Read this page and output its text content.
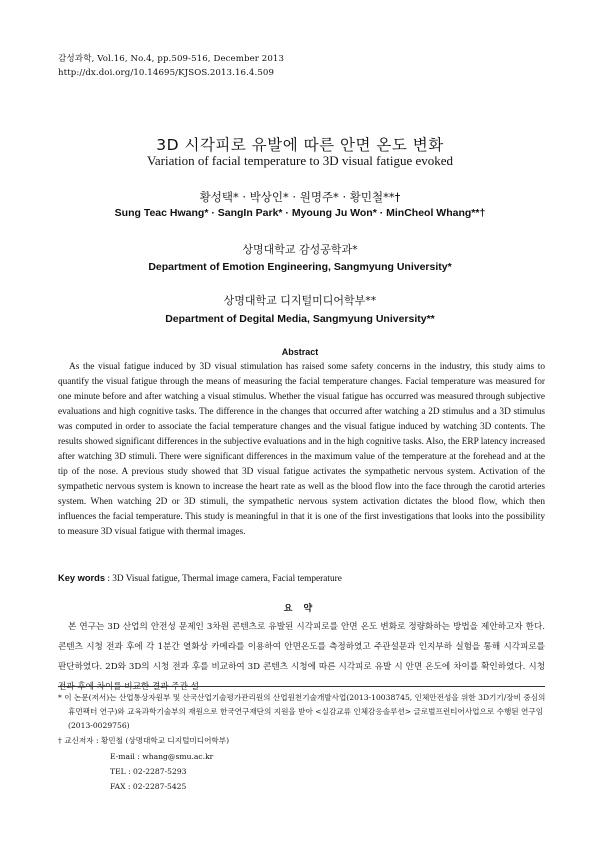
감성과학, Vol.16, No.4, pp.509-516, December 2013
http://dx.doi.org/10.14695/KJSOS.2013.16.4.509
3D 시각피로 유발에 따른 안면 온도 변화
Variation of facial temperature to 3D visual fatigue evoked
황성택* · 박상인* · 원명주* · 황민철**†
Sung Teac Hwang* · SangIn Park* · Myoung Ju Won* · MinCheol Whang**†
상명대학교 감성공학과*
Department of Emotion Engineering, Sangmyung University*
상명대학교 디지털미디어학부**
Department of Degital Media, Sangmyung University**
Abstract

As the visual fatigue induced by 3D visual stimulation has raised some safety concerns in the industry, this study aims to quantify the visual fatigue through the means of measuring the facial temperature changes. Facial temperature was measured for one minute before and after watching a visual stimulus. Whether the visual fatigue has occurred was measured through subjective evaluations and high cognitive tasks. The difference in the changes that occurred after watching a 2D stimulus and a 3D stimulus was computed in order to associate the facial temperature changes and the visual fatigue induced by watching 3D contents. The results showed significant differences in the subjective evaluations and in the high cognitive tasks. Also, the ERP latency increased after watching 3D stimuli. There were significant differences in the maximum value of the temperature at the forehead and at the tip of the nose. A previous study showed that 3D visual fatigue activates the sympathetic nervous system. Activation of the sympathetic nervous system is known to increase the heart rate as well as the blood flow into the face through the carotid arteries system. When watching 2D or 3D stimuli, the sympathetic nervous system activation dictates the blood flow, which then influences the facial temperature. This study is meaningful in that it is one of the first investigations that looks into the possibility to measure 3D visual fatigue with thermal images.

Key words : 3D Visual fatigue, Thermal image camera, Facial temperature
요 약

본 연구는 3D 산업의 안전성 문제인 3차원 콘텐츠로 유발된 시각피로를 안면 온도 변화로 정량화하는 방법을 제안하고자 한다. 콘텐츠 시청 전과 후에 각 1분간 열화상 카메라를 이용하여 안면온도를 측정하였고 주관설문과 인지부하 실험을 통해 시각피로를 판단하였다. 2D와 3D의 시청 전과 후를 비교하여 3D 콘텐츠 시청에 따른 시각피로 유발 시 안면 온도에 차이를 확인하였다. 시청 전과 후에 차이를 비교한 결과 주관 설

* 이 논문(저서)는 산업통상자원부 및 산국산업기술평가관리원의 산업원천기술개발사업(2013-10038745, 인체안전성을 위한 3D기기/장비 중심의 휴먼팩터 연구)와 교육과학기술부의 재원으로 한국연구재단의 지원을 받아 <실감교류 인체감응솔루션> 글로벌프런티어사업으로 수행된 연구임(2013-0029756)
† 교신저자 : 황민철 (상명대학교 디지털미디어학부)
E-mail : whang@smu.ac.kr
TEL : 02-2287-5293
FAX : 02-2287-5425
